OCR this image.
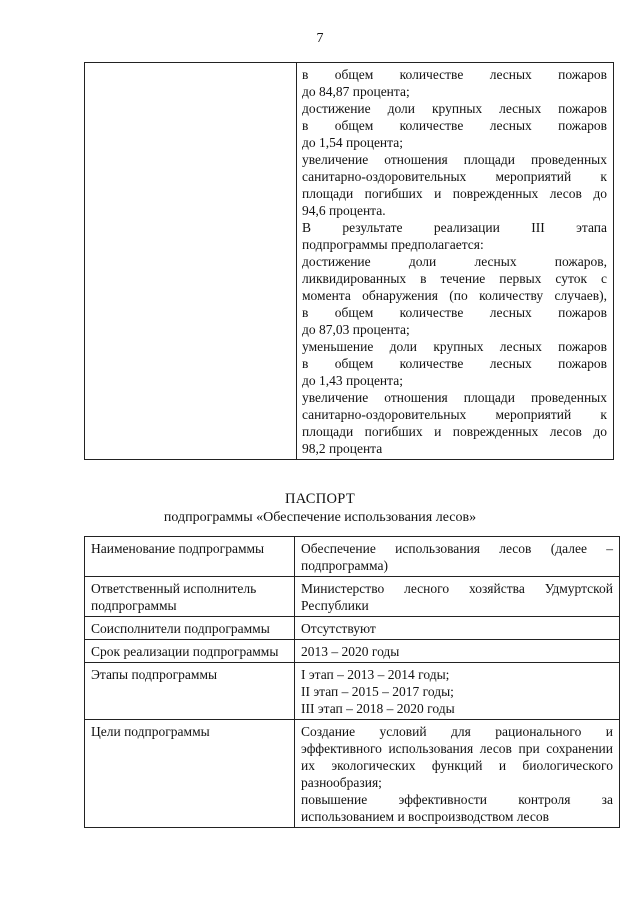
7

в общем количестве лесных пожаров
до 84,87 процента;
достижение доли крупных лесных пожаров
в общем количестве лесных пожаров
до 1,54 процента;
увеличение отношения площади проведенных
санитарно-оздоровительных мероприятий к
площади погибших и поврежденных лесов до
94,6 процента.
В результате реализации III этапа
подпрограммы предполагается:
достижение доли лесных пожаров,
ликвидированных в течение первых суток с
момента обнаружения (по количеству случаев),
в общем количестве лесных пожаров
до 87,03 процента;
уменьшение доли крупных лесных пожаров
в общем количестве лесных пожаров
до 1,43 процента;
увеличение отношения площади проведенных
санитарно-оздоровительных мероприятий к
площади погибших и поврежденных лесов до
98,2 процента
ПАСПОРТ
подпрограммы «Обеспечение использования лесов»
Наименование подпрограммы	Обеспечение использования лесов (далее – подпрограмма)
Ответственный исполнитель подпрограммы	Министерство лесного хозяйства Удмуртской Республики
Соисполнители подпрограммы	Отсутствуют
Срок реализации подпрограммы	2013 – 2020 годы
Этапы подпрограммы	I этап – 2013 – 2014 годы;
II этап – 2015 – 2017 годы;
III этап – 2018 – 2020 годы

Цели подпрограммы	Создание условий для рационального и эффективного использования лесов при сохранении их экологических функций и биологического разнообразия;

повышение эффективности контроля за использованием и воспроизводством лесов
